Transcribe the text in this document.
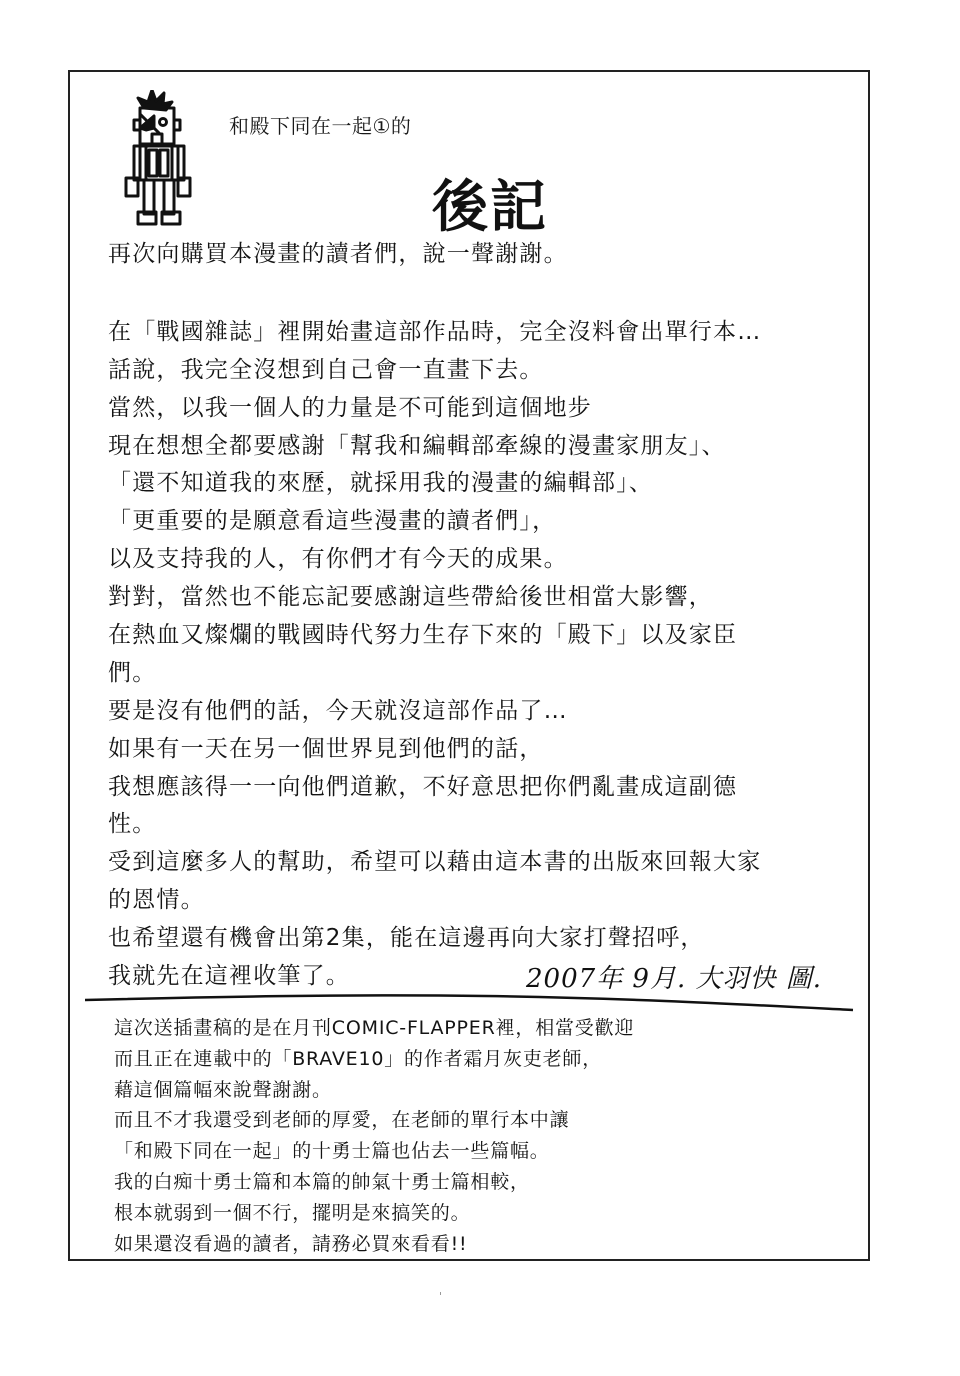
和殿下同在一起①的
後記
再次向購買本漫畫的讀者們，說一聲謝謝。
在「戰國雜誌」裡開始畫這部作品時，完全沒料會出單行本…
話說，我完全沒想到自己會一直畫下去。
當然，以我一個人的力量是不可能到這個地步
現在想想全都要感謝「幫我和編輯部牽線的漫畫家朋友」、
「還不知道我的來歷，就採用我的漫畫的編輯部」、
「更重要的是願意看這些漫畫的讀者們」，
以及支持我的人，有你們才有今天的成果。
對對，當然也不能忘記要感謝這些帶給後世相當大影響，
在熱血又燦爛的戰國時代努力生存下來的「殿下」以及家臣
們。
要是沒有他們的話，今天就沒這部作品了…
如果有一天在另一個世界見到他們的話，
我想應該得一一向他們道歉，不好意思把你們亂畫成這副德
性。
受到這麼多人的幫助，希望可以藉由這本書的出版來回報大家
的恩情。
也希望還有機會出第2集，能在這邊再向大家打聲招呼，
我就先在這裡收筆了。	2007年 9月. 大羽快 圖.
這次送插畫稿的是在月刊COMIC-FLAPPER裡，相當受歡迎
而且正在連載中的「BRAVE10」的作者霜月灰吏老師，
藉這個篇幅來說聲謝謝。
而且不才我還受到老師的厚愛，在老師的單行本中讓
「和殿下同在一起」的十勇士篇也佔去一些篇幅。
我的白痴十勇士篇和本篇的帥氣十勇士篇相較，
根本就弱到一個不行，擺明是來搞笑的。
如果還沒看過的讀者，請務必買來看看!!
